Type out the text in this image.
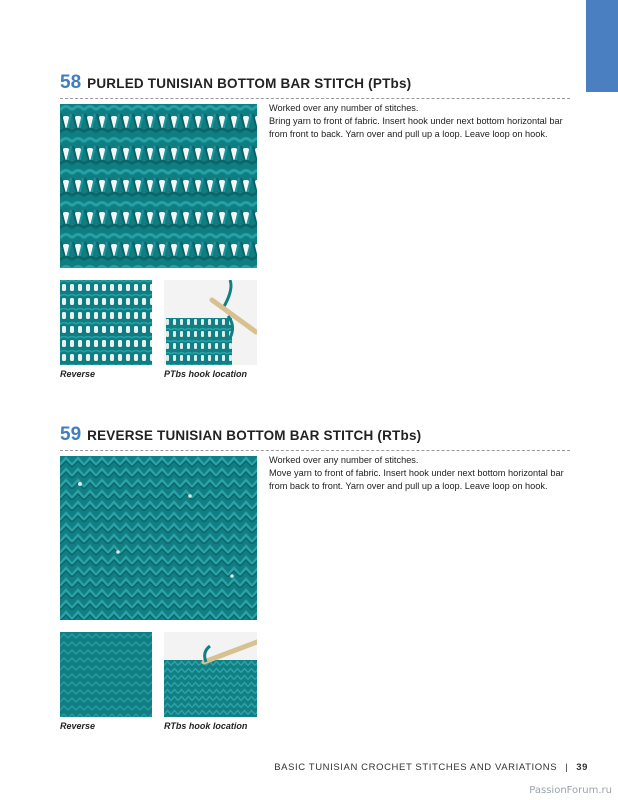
58 PURLED TUNISIAN BOTTOM BAR STITCH (PTbs)

Worked over any number of stitches.

Bring yarn to front of fabric. Insert hook under next bottom horizontal bar from front to back. Yarn over and pull up a loop. Leave loop on hook.

Reverse	PTbs hook location
59 REVERSE TUNISIAN BOTTOM BAR STITCH (RTbs)

Worked over any number of stitches.

Move yarn to front of fabric. Insert hook under next bottom horizontal bar from back to front. Yarn over and pull up a loop. Leave loop on hook.

Reverse	RTbs hook location
BASIC TUNISIAN CROCHET STITCHES AND VARIATIONS | 39
PassionForum.ru
